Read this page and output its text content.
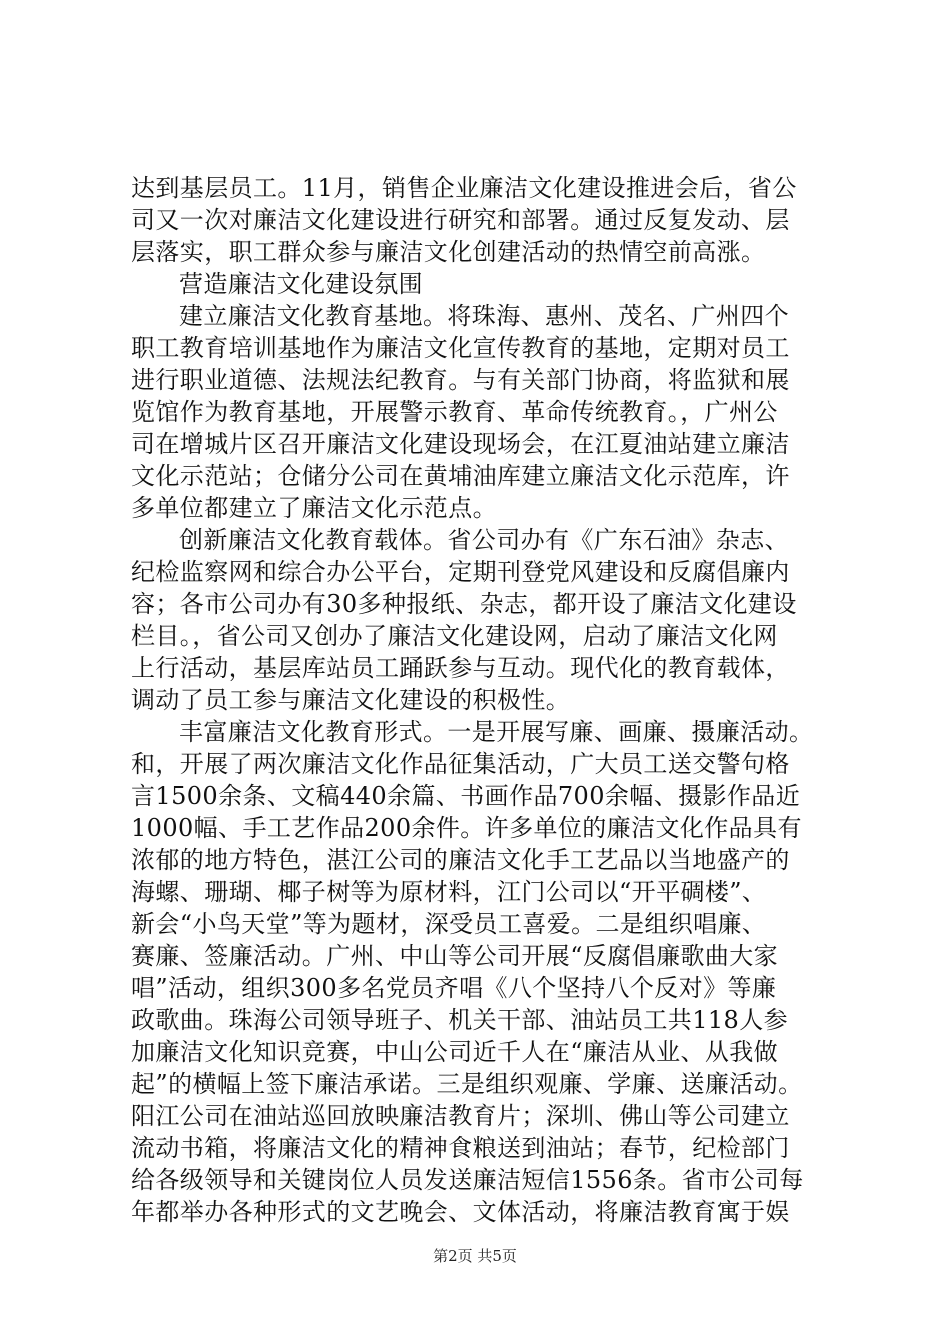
达到基层员工。11月，销售企业廉洁文化建设推进会后，省公
司又一次对廉洁文化建设进行研究和部署。通过反复发动、层
层落实，职工群众参与廉洁文化创建活动的热情空前高涨。
营造廉洁文化建设氛围
建立廉洁文化教育基地。将珠海、惠州、茂名、广州四个
职工教育培训基地作为廉洁文化宣传教育的基地，定期对员工
进行职业道德、法规法纪教育。与有关部门协商，将监狱和展
览馆作为教育基地，开展警示教育、革命传统教育。，广州公
司在增城片区召开廉洁文化建设现场会，在江夏油站建立廉洁
文化示范站；仓储分公司在黄埔油库建立廉洁文化示范库，许
多单位都建立了廉洁文化示范点。
创新廉洁文化教育载体。省公司办有《广东石油》杂志、
纪检监察网和综合办公平台，定期刊登党风建设和反腐倡廉内
容；各市公司办有30多种报纸、杂志，都开设了廉洁文化建设
栏目。，省公司又创办了廉洁文化建设网，启动了廉洁文化网
上行活动，基层库站员工踊跃参与互动。现代化的教育载体，
调动了员工参与廉洁文化建设的积极性。
丰富廉洁文化教育形式。一是开展写廉、画廉、摄廉活动。
和，开展了两次廉洁文化作品征集活动，广大员工送交警句格
言1500余条、文稿440余篇、书画作品700余幅、摄影作品近
1000幅、手工艺作品200余件。许多单位的廉洁文化作品具有
浓郁的地方特色，湛江公司的廉洁文化手工艺品以当地盛产的
海螺、珊瑚、椰子树等为原材料，江门公司以“开平碉楼”、
新会“小鸟天堂”等为题材，深受员工喜爱。二是组织唱廉、
赛廉、签廉活动。广州、中山等公司开展“反腐倡廉歌曲大家
唱”活动，组织300多名党员齐唱《八个坚持八个反对》等廉
政歌曲。珠海公司领导班子、机关干部、油站员工共118人参
加廉洁文化知识竞赛，中山公司近千人在“廉洁从业、从我做
起”的横幅上签下廉洁承诺。三是组织观廉、学廉、送廉活动。
阳江公司在油站巡回放映廉洁教育片；深圳、佛山等公司建立
流动书箱，将廉洁文化的精神食粮送到油站；春节，纪检部门
给各级领导和关键岗位人员发送廉洁短信1556条。省市公司每
年都举办各种形式的文艺晚会、文体活动，将廉洁教育寓于娱
第2页 共5页
